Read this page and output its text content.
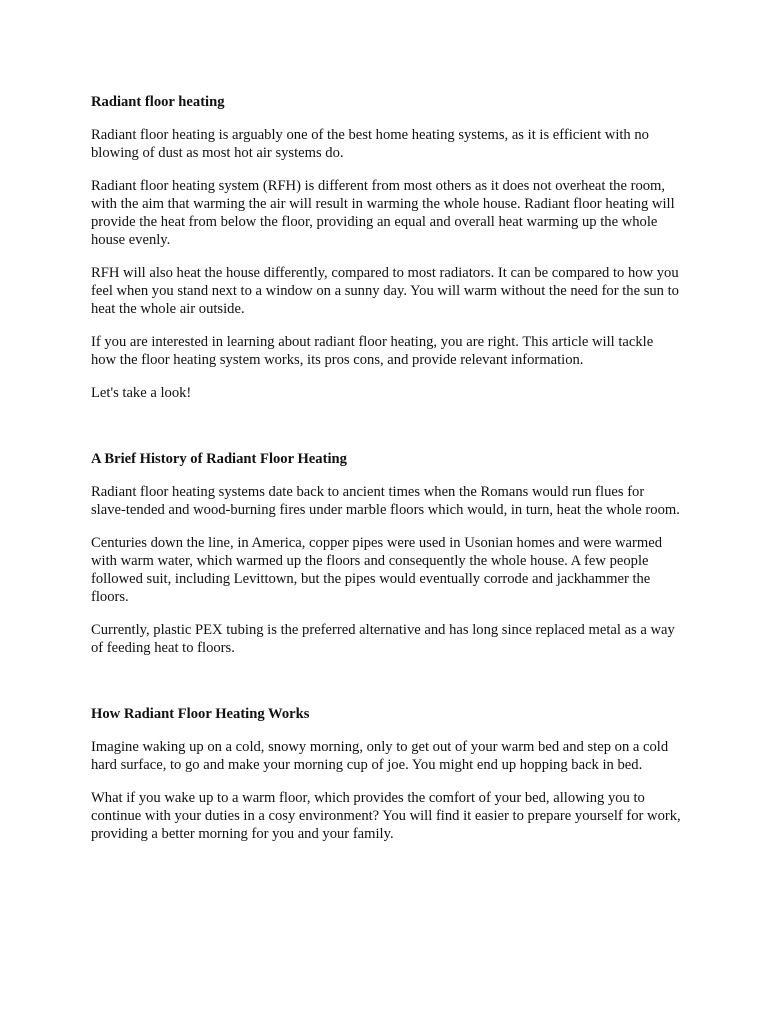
Radiant floor heating

Radiant floor heating is arguably one of the best home heating systems, as it is efficient with no blowing of dust as most hot air systems do.

Radiant floor heating system (RFH) is different from most others as it does not overheat the room, with the aim that warming the air will result in warming the whole house. Radiant floor heating will provide the heat from below the floor, providing an equal and overall heat warming up the whole house evenly.

RFH will also heat the house differently, compared to most radiators. It can be compared to how you feel when you stand next to a window on a sunny day. You will warm without the need for the sun to heat the whole air outside.

If you are interested in learning about radiant floor heating, you are right. This article will tackle how the floor heating system works, its pros cons, and provide relevant information.

Let's take a look!

A Brief History of Radiant Floor Heating

Radiant floor heating systems date back to ancient times when the Romans would run flues for slave-tended and wood-burning fires under marble floors which would, in turn, heat the whole room.

Centuries down the line, in America, copper pipes were used in Usonian homes and were warmed with warm water, which warmed up the floors and consequently the whole house. A few people followed suit, including Levittown, but the pipes would eventually corrode and jackhammer the floors.

Currently, plastic PEX tubing is the preferred alternative and has long since replaced metal as a way of feeding heat to floors.

How Radiant Floor Heating Works

Imagine waking up on a cold, snowy morning, only to get out of your warm bed and step on a cold hard surface, to go and make your morning cup of joe. You might end up hopping back in bed.

What if you wake up to a warm floor, which provides the comfort of your bed, allowing you to continue with your duties in a cosy environment? You will find it easier to prepare yourself for work, providing a better morning for you and your family.
